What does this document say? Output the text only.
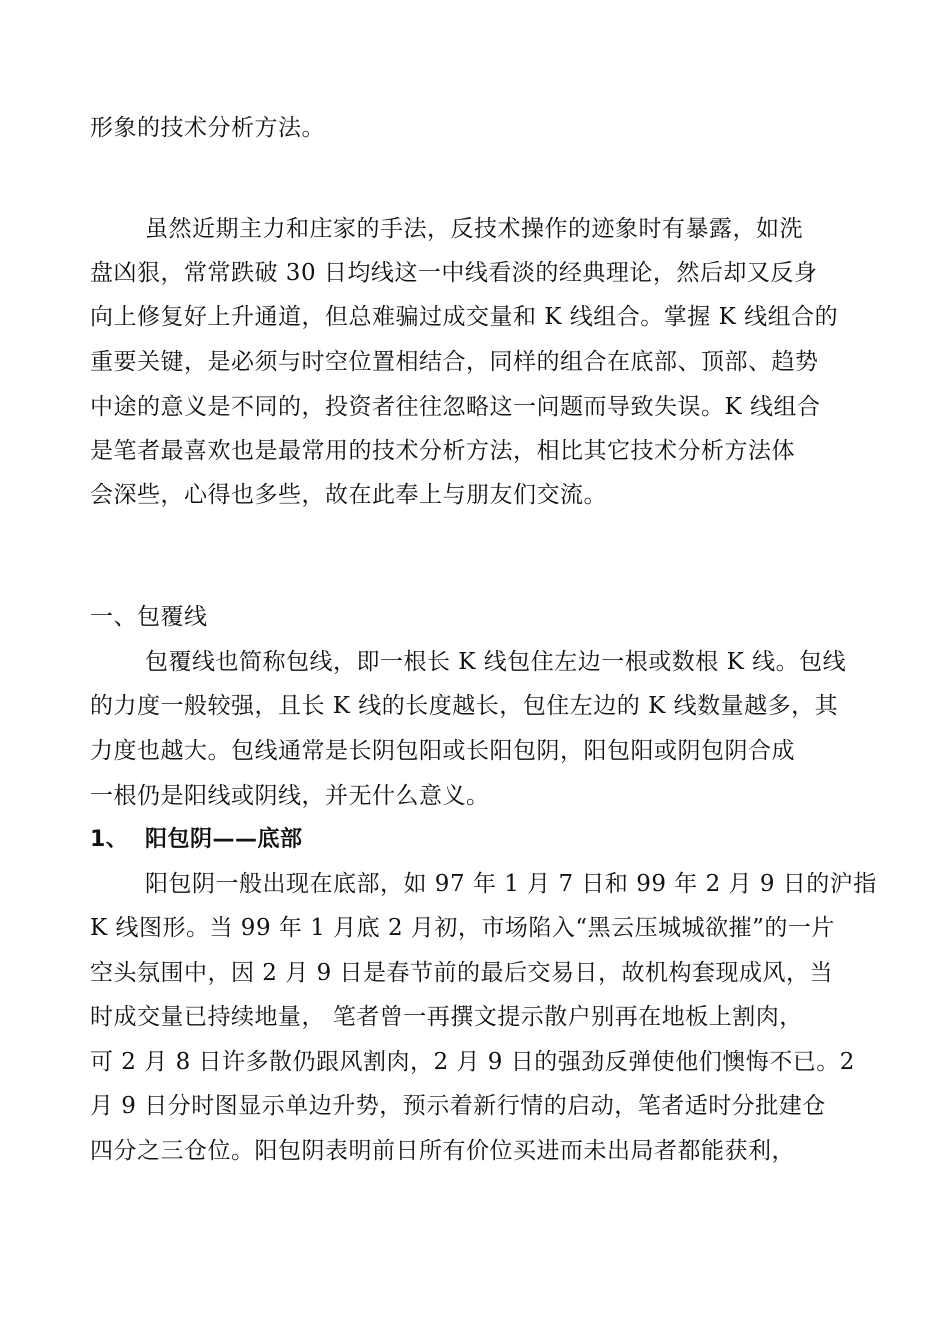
形象的技术分析方法。
虽然近期主力和庄家的手法，反技术操作的迹象时有暴露，如洗
盘凶狠，常常跌破 30 日均线这一中线看淡的经典理论，然后却又反身
向上修复好上升通道，但总难骗过成交量和 K 线组合。掌握 K 线组合的
重要关键，是必须与时空位置相结合，同样的组合在底部、顶部、趋势
中途的意义是不同的，投资者往往忽略这一问题而导致失误。K 线组合
是笔者最喜欢也是最常用的技术分析方法，相比其它技术分析方法体
会深些，心得也多些，故在此奉上与朋友们交流。
一、包覆线
包覆线也简称包线，即一根长 K 线包住左边一根或数根 K 线。包线
的力度一般较强，且长 K 线的长度越长，包住左边的 K 线数量越多，其
力度也越大。包线通常是长阴包阳或长阳包阴，阳包阳或阴包阴合成
一根仍是阳线或阴线，并无什么意义。
1、 阳包阴——底部
阳包阴一般出现在底部，如 97 年 1 月 7 日和 99 年 2 月 9 日的沪指
K 线图形。当 99 年 1 月底 2 月初，市场陷入“黑云压城城欲摧”的一片
空头氛围中，因 2 月 9 日是春节前的最后交易日，故机构套现成风，当
时成交量已持续地量， 笔者曾一再撰文提示散户别再在地板上割肉，
可 2 月 8 日许多散仍跟风割肉，2 月 9 日的强劲反弹使他们懊悔不已。2
月 9 日分时图显示单边升势，预示着新行情的启动，笔者适时分批建仓
四分之三仓位。阳包阴表明前日所有价位买进而未出局者都能获利，
